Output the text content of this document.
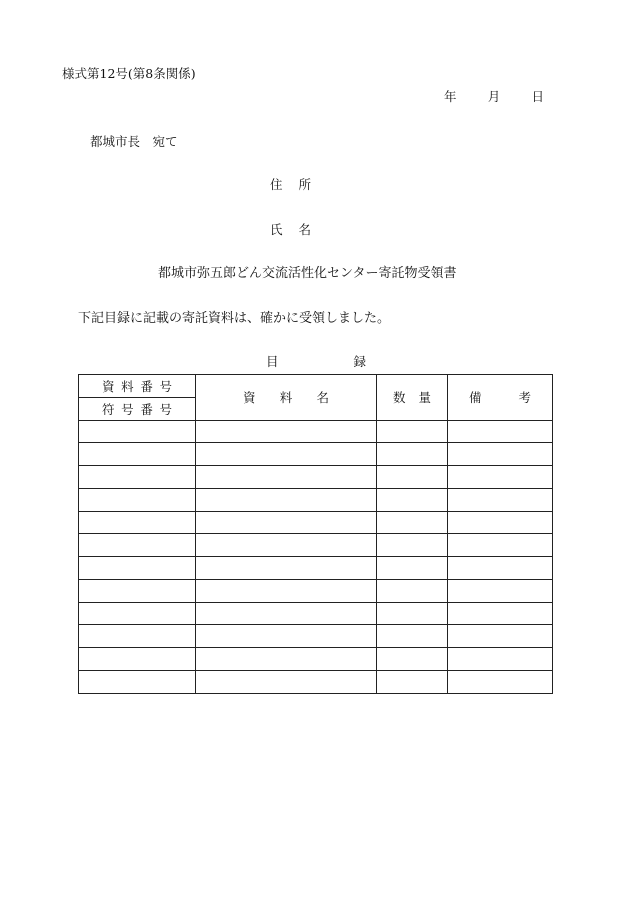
様式第12号(第8条関係)
年 月 日
都城市長　宛て
住 所
氏 名
都城市弥五郎どん交流活性化センター寄託物受領書
下記目録に記載の寄託資料は、確かに受領しました。
目	録
資 料 番 号	資 料 名	数 量	備 考

符 号 番 号			
